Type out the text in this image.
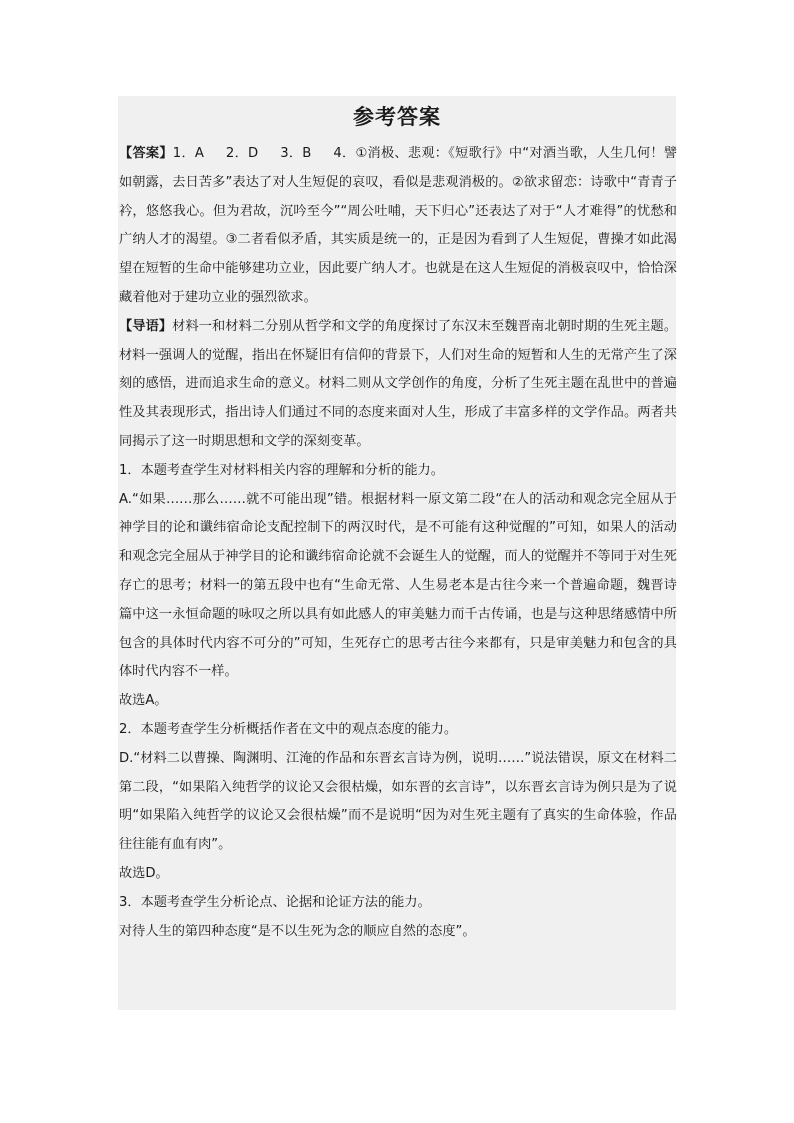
参考答案

【答案】1．A 2．D 3．B 4．①消极、悲观：《短歌行》中“对酒当歌，人生几何！譬如朝露，去日苦多”表达了对人生短促的哀叹，看似是悲观消极的。②欲求留恋：诗歌中“青青子衿，悠悠我心。但为君故，沉吟至今”“周公吐哺，天下归心”还表达了对于“人才难得”的忧愁和广纳人才的渴望。③二者看似矛盾，其实质是统一的，正是因为看到了人生短促，曹操才如此渴望在短暂的生命中能够建功立业，因此要广纳人才。也就是在这人生短促的消极哀叹中，恰恰深藏着他对于建功立业的强烈欲求。

【导语】材料一和材料二分别从哲学和文学的角度探讨了东汉末至魏晋南北朝时期的生死主题。材料一强调人的觉醒，指出在怀疑旧有信仰的背景下，人们对生命的短暂和人生的无常产生了深刻的感悟，进而追求生命的意义。材料二则从文学创作的角度，分析了生死主题在乱世中的普遍性及其表现形式，指出诗人们通过不同的态度来面对人生，形成了丰富多样的文学作品。两者共同揭示了这一时期思想和文学的深刻变革。

1．本题考查学生对材料相关内容的理解和分析的能力。

A.“如果……那么……就不可能出现”错。根据材料一原文第二段“在人的活动和观念完全屈从于神学目的论和谶纬宿命论支配控制下的两汉时代，是不可能有这种觉醒的”可知，如果人的活动和观念完全屈从于神学目的论和谶纬宿命论就不会诞生人的觉醒，而人的觉醒并不等同于对生死存亡的思考；材料一的第五段中也有“生命无常、人生易老本是古往今来一个普遍命题，魏晋诗篇中这一永恒命题的咏叹之所以具有如此感人的审美魅力而千古传诵，也是与这种思绪感情中所包含的具体时代内容不可分的”可知，生死存亡的思考古往今来都有，只是审美魅力和包含的具体时代内容不一样。

故选A。

2．本题考查学生分析概括作者在文中的观点态度的能力。

D.“材料二以曹操、陶渊明、江淹的作品和东晋玄言诗为例，说明……”说法错误，原文在材料二第二段，“如果陷入纯哲学的议论又会很枯燥，如东晋的玄言诗”，以东晋玄言诗为例只是为了说明“如果陷入纯哲学的议论又会很枯燥”而不是说明“因为对生死主题有了真实的生命体验，作品往往能有血有肉”。

故选D。

3．本题考查学生分析论点、论据和论证方法的能力。

对待人生的第四种态度“是不以生死为念的顺应自然的态度”。
